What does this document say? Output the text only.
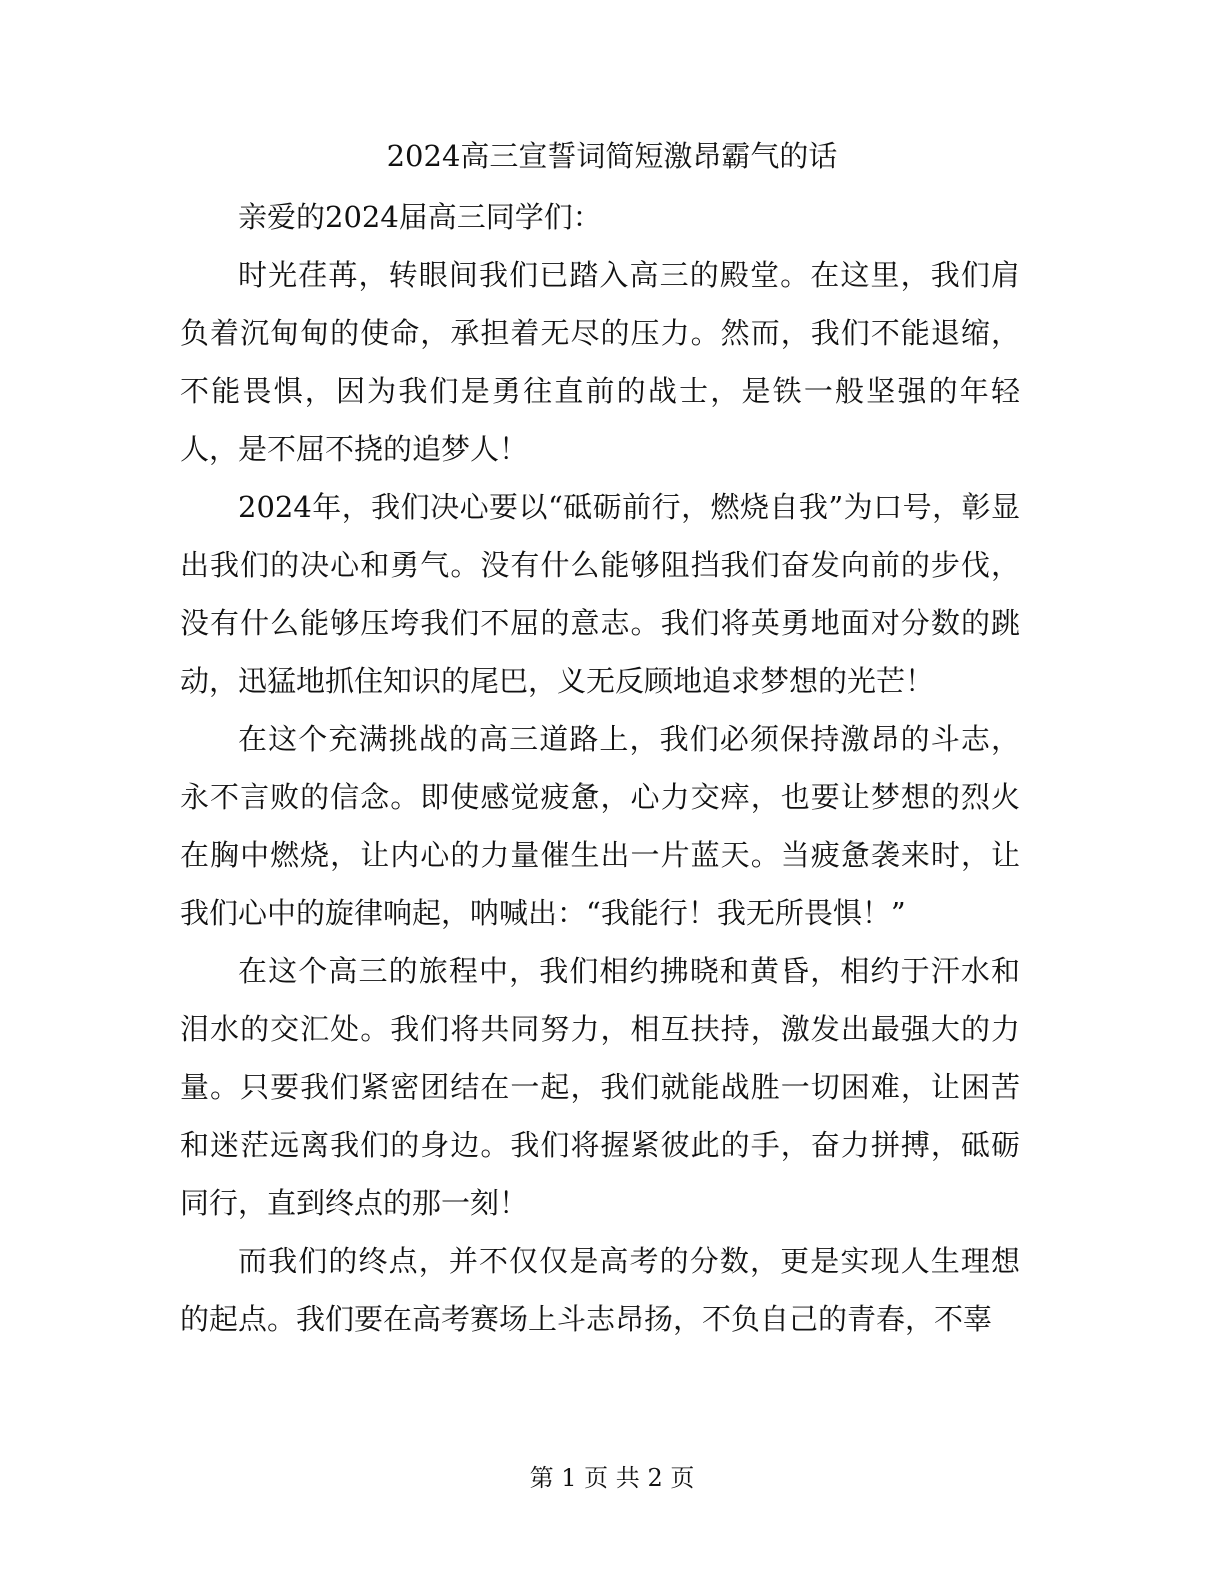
2024高三宣誓词简短激昂霸气的话

亲爱的2024届高三同学们：

时光荏苒，转眼间我们已踏入高三的殿堂。在这里，我们肩负着沉甸甸的使命，承担着无尽的压力。然而，我们不能退缩，不能畏惧，因为我们是勇往直前的战士，是铁一般坚强的年轻人，是不屈不挠的追梦人！

2024年，我们决心要以“砥砺前行，燃烧自我”为口号，彰显出我们的决心和勇气。没有什么能够阻挡我们奋发向前的步伐，没有什么能够压垮我们不屈的意志。我们将英勇地面对分数的跳动，迅猛地抓住知识的尾巴，义无反顾地追求梦想的光芒！

在这个充满挑战的高三道路上，我们必须保持激昂的斗志，永不言败的信念。即使感觉疲惫，心力交瘁，也要让梦想的烈火在胸中燃烧，让内心的力量催生出一片蓝天。当疲惫袭来时，让我们心中的旋律响起，呐喊出：“我能行！我无所畏惧！”

在这个高三的旅程中，我们相约拂晓和黄昏，相约于汗水和泪水的交汇处。我们将共同努力，相互扶持，激发出最强大的力量。只要我们紧密团结在一起，我们就能战胜一切困难，让困苦和迷茫远离我们的身边。我们将握紧彼此的手，奋力拼搏，砥砺同行，直到终点的那一刻！

而我们的终点，并不仅仅是高考的分数，更是实现人生理想的起点。我们要在高考赛场上斗志昂扬，不负自己的青春，不辜

第 1 页 共 2 页
